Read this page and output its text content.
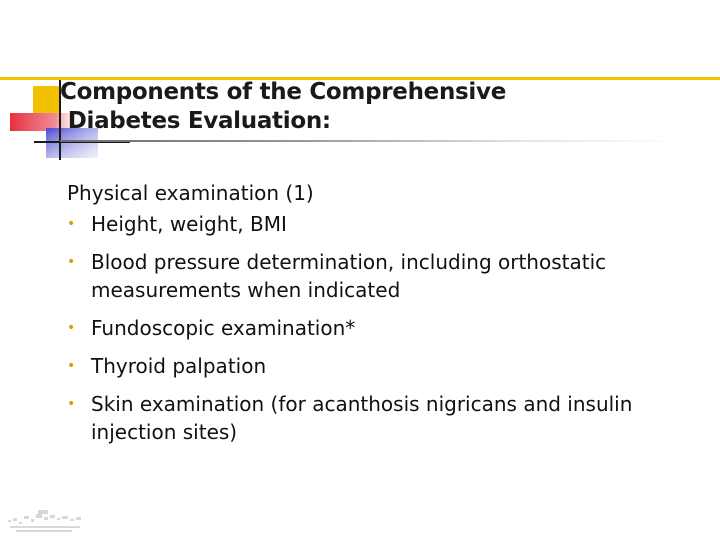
Components of the Comprehensive
Diabetes Evaluation:
Physical examination (1)
• Height, weight, BMI
• Blood pressure determination, including orthostatic measurements when indicated
• Fundoscopic examination*
• Thyroid palpation
• Skin examination (for acanthosis nigricans and insulin injection sites)
